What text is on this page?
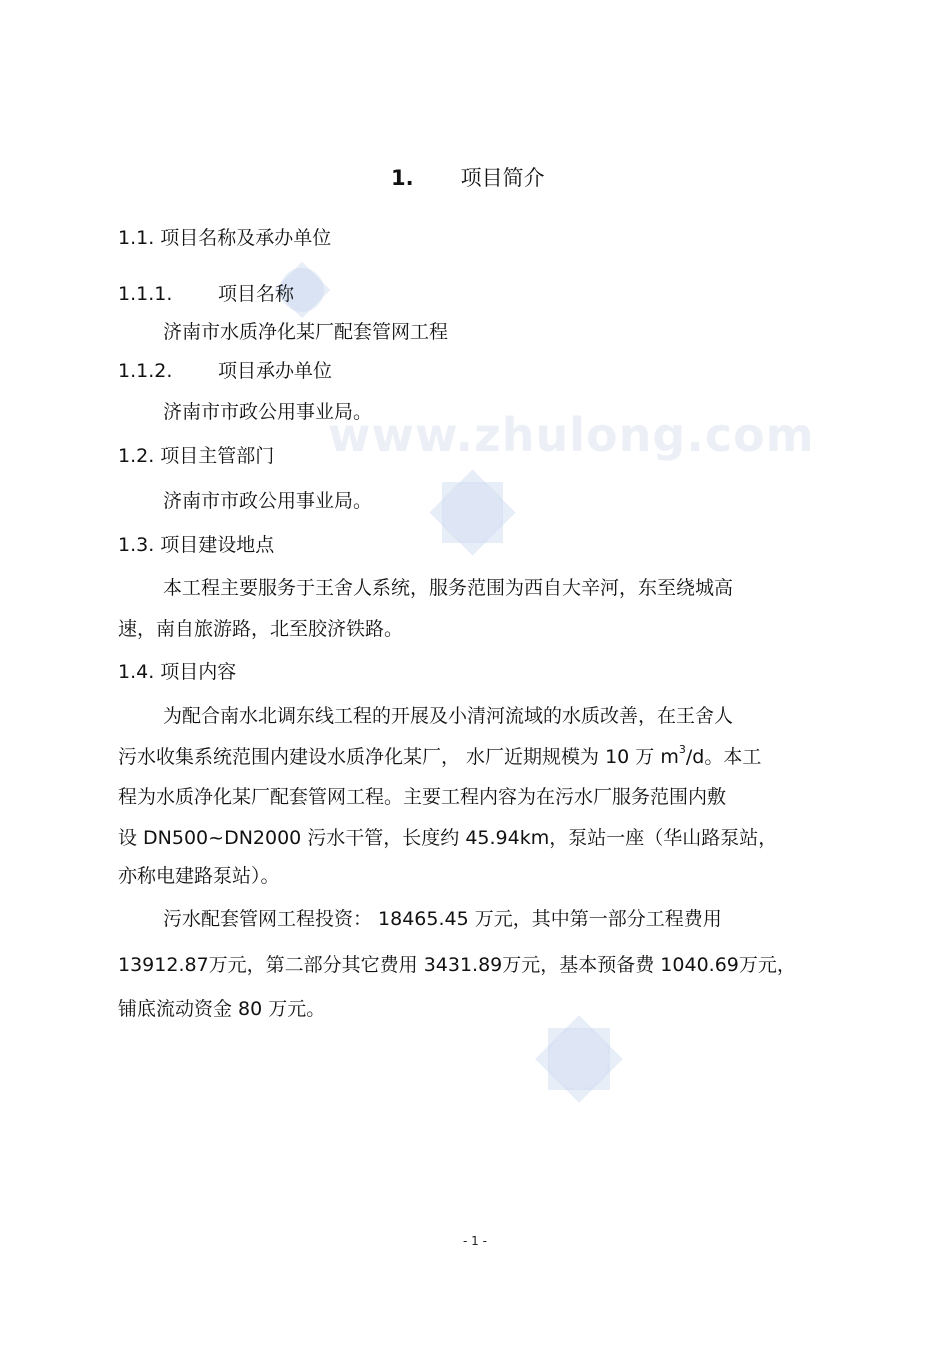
www.zhulong.com
1. 项目简介
1.1. 项目名称及承办单位
1.1.1. 项目名称
济南市水质净化某厂配套管网工程
1.1.2. 项目承办单位
济南市市政公用事业局。
1.2. 项目主管部门
济南市市政公用事业局。
1.3. 项目建设地点
本工程主要服务于王舍人系统，服务范围为西自大辛河，东至绕城高
速，南自旅游路，北至胶济铁路。
1.4. 项目内容
为配合南水北调东线工程的开展及小清河流域的水质改善，在王舍人
污水收集系统范围内建设水质净化某厂， 水厂近期规模为 10 万 $m^3/d$。本工
程为水质净化某厂配套管网工程。主要工程内容为在污水厂服务范围内敷
设 DN500~DN2000 污水干管，长度约 45.94km，泵站一座（华山路泵站，
亦称电建路泵站）。
污水配套管网工程投资： 18465.45 万元，其中第一部分工程费用
13912.87万元，第二部分其它费用 3431.89万元，基本预备费 1040.69万元，
铺底流动资金 80 万元。
- 1 -
